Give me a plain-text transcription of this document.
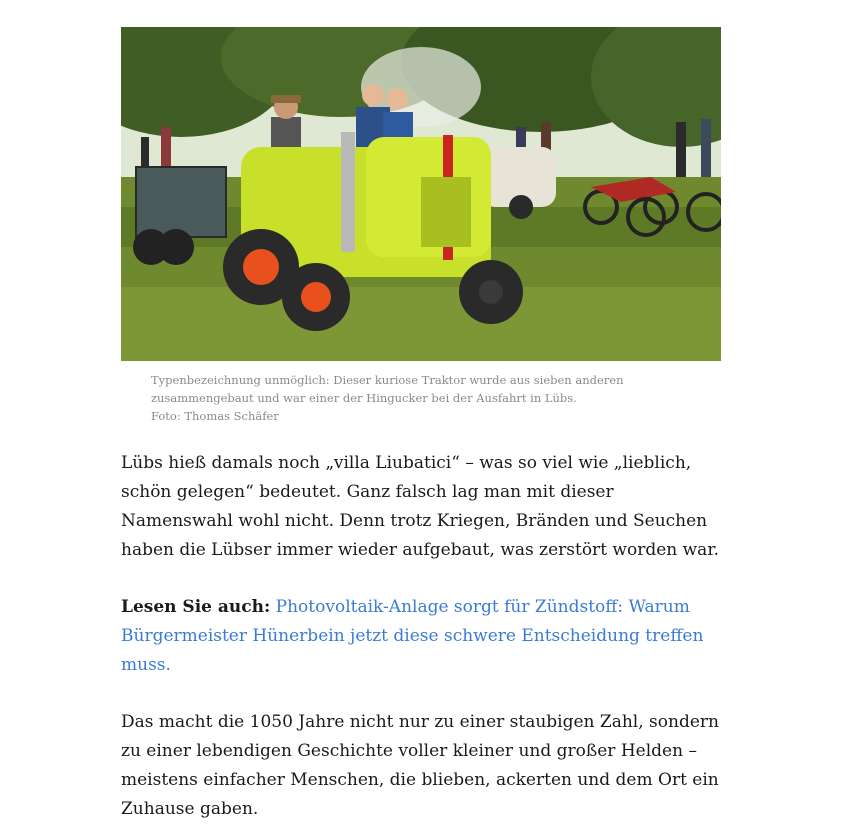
Typenbezeichnung unmöglich: Dieser kuriose Traktor wurde aus sieben anderen zusammengebaut und war einer der Hingucker bei der Ausfahrt in Lübs.
Foto: Thomas Schäfer

Lübs hieß damals noch „villa Liubatici“ – was so viel wie „lieblich, schön gelegen“ bedeutet. Ganz falsch lag man mit dieser Namenswahl wohl nicht. Denn trotz Kriegen, Bränden und Seuchen haben die Lübser immer wieder aufgebaut, was zerstört worden war.

Lesen Sie auch: Photovoltaik-Anlage sorgt für Zündstoff: Warum Bürgermeister Hünerbein jetzt diese schwere Entscheidung treffen muss.

Das macht die 1050 Jahre nicht nur zu einer staubigen Zahl, sondern zu einer lebendigen Geschichte voller kleiner und großer Helden – meistens einfacher Menschen, die blieben, ackerten und dem Ort ein Zuhause gaben.
